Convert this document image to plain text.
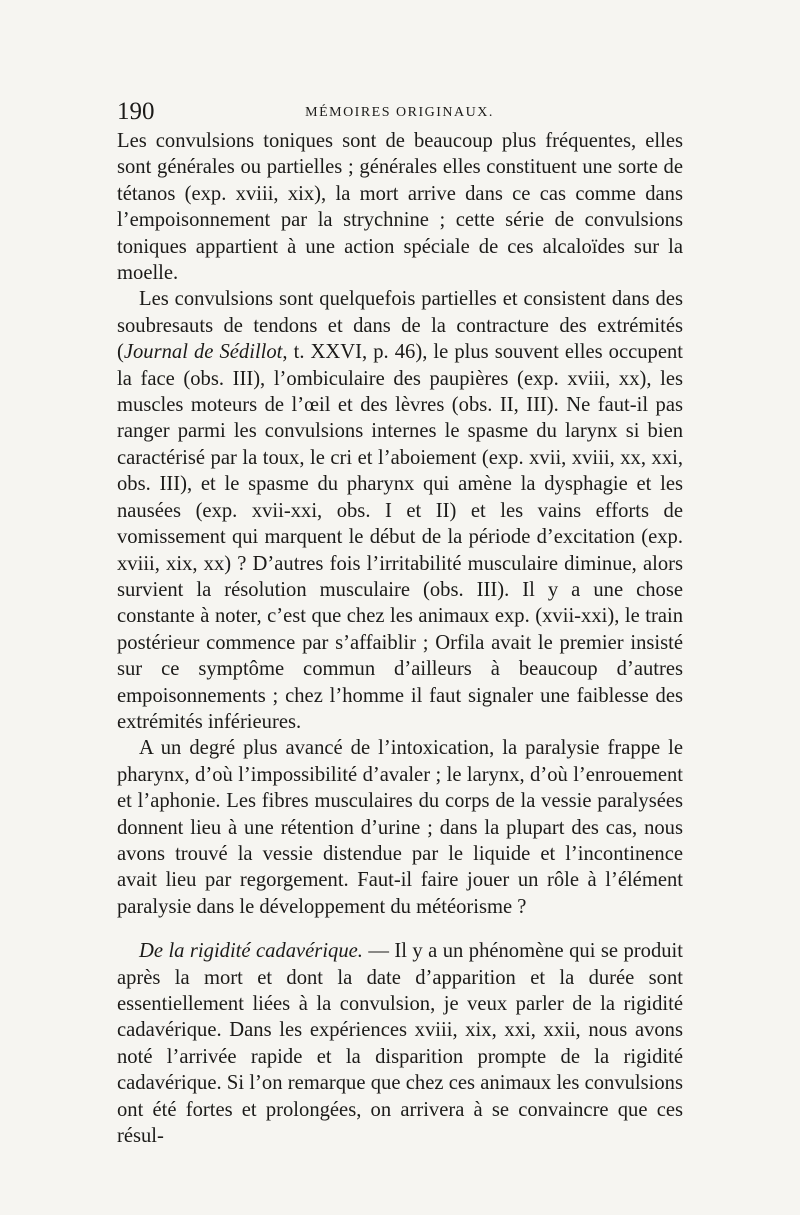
190	MÉMOIRES ORIGINAUX.

Les convulsions toniques sont de beaucoup plus fréquentes, elles sont générales ou partielles ; générales elles constituent une sorte de tétanos (exp. xviii, xix), la mort arrive dans ce cas comme dans l’empoisonnement par la strychnine ; cette série de convulsions toniques appartient à une action spéciale de ces alcaloïdes sur la moelle.

Les convulsions sont quelquefois partielles et consistent dans des soubresauts de tendons et dans de la contracture des extrémités (Journal de Sédillot, t. XXVI, p. 46), le plus souvent elles occupent la face (obs. III), l’ombiculaire des paupières (exp. xviii, xx), les muscles moteurs de l’œil et des lèvres (obs. II, III). Ne faut-il pas ranger parmi les convulsions internes le spasme du larynx si bien caractérisé par la toux, le cri et l’aboiement (exp. xvii, xviii, xx, xxi, obs. III), et le spasme du pharynx qui amène la dysphagie et les nausées (exp. xvii-xxi, obs. I et II) et les vains efforts de vomissement qui marquent le début de la période d’excitation (exp. xviii, xix, xx) ? D’autres fois l’irritabilité musculaire diminue, alors survient la résolution musculaire (obs. III). Il y a une chose constante à noter, c’est que chez les animaux exp. (xvii-xxi), le train postérieur commence par s’affaiblir ; Orfila avait le premier insisté sur ce symptôme commun d’ailleurs à beaucoup d’autres empoisonnements ; chez l’homme il faut signaler une faiblesse des extrémités inférieures.

A un degré plus avancé de l’intoxication, la paralysie frappe le pharynx, d’où l’impossibilité d’avaler ; le larynx, d’où l’enrouement et l’aphonie. Les fibres musculaires du corps de la vessie paralysées donnent lieu à une rétention d’urine ; dans la plupart des cas, nous avons trouvé la vessie distendue par le liquide et l’incontinence avait lieu par regorgement. Faut-il faire jouer un rôle à l’élément paralysie dans le développement du météorisme ?

De la rigidité cadavérique. — Il y a un phénomène qui se produit après la mort et dont la date d’apparition et la durée sont essentiellement liées à la convulsion, je veux parler de la rigidité cadavérique. Dans les expériences xviii, xix, xxi, xxii, nous avons noté l’arrivée rapide et la disparition prompte de la rigidité cadavérique. Si l’on remarque que chez ces animaux les convulsions ont été fortes et prolongées, on arrivera à se convaincre que ces résul-
